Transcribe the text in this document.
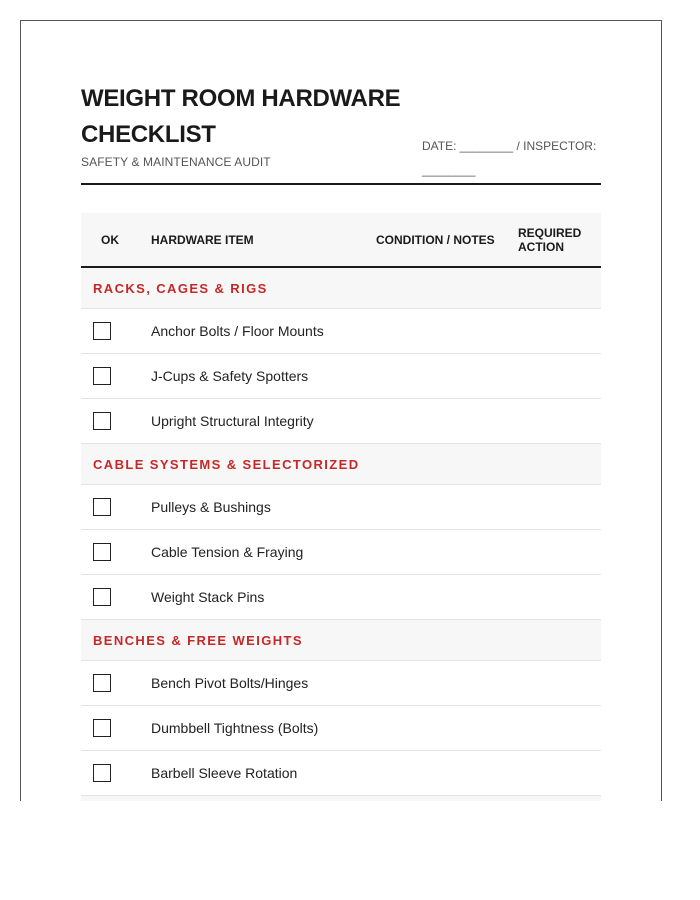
WEIGHT ROOM HARDWARE CHECKLIST
SAFETY & MAINTENANCE AUDIT
DATE: ________ / INSPECTOR: ________
OK	HARDWARE ITEM	CONDITION / NOTES	REQUIRED ACTION
RACKS, CAGES & RIGS			

	Anchor Bolts / Floor Mounts		

	J-Cups & Safety Spotters		

	Upright Structural Integrity		
CABLE SYSTEMS & SELECTORIZED			

	Pulleys & Bushings		

	Cable Tension & Fraying		

	Weight Stack Pins		
BENCHES & FREE WEIGHTS			

	Bench Pivot Bolts/Hinges		

	Dumbbell Tightness (Bolts)		

	Barbell Sleeve Rotation		
